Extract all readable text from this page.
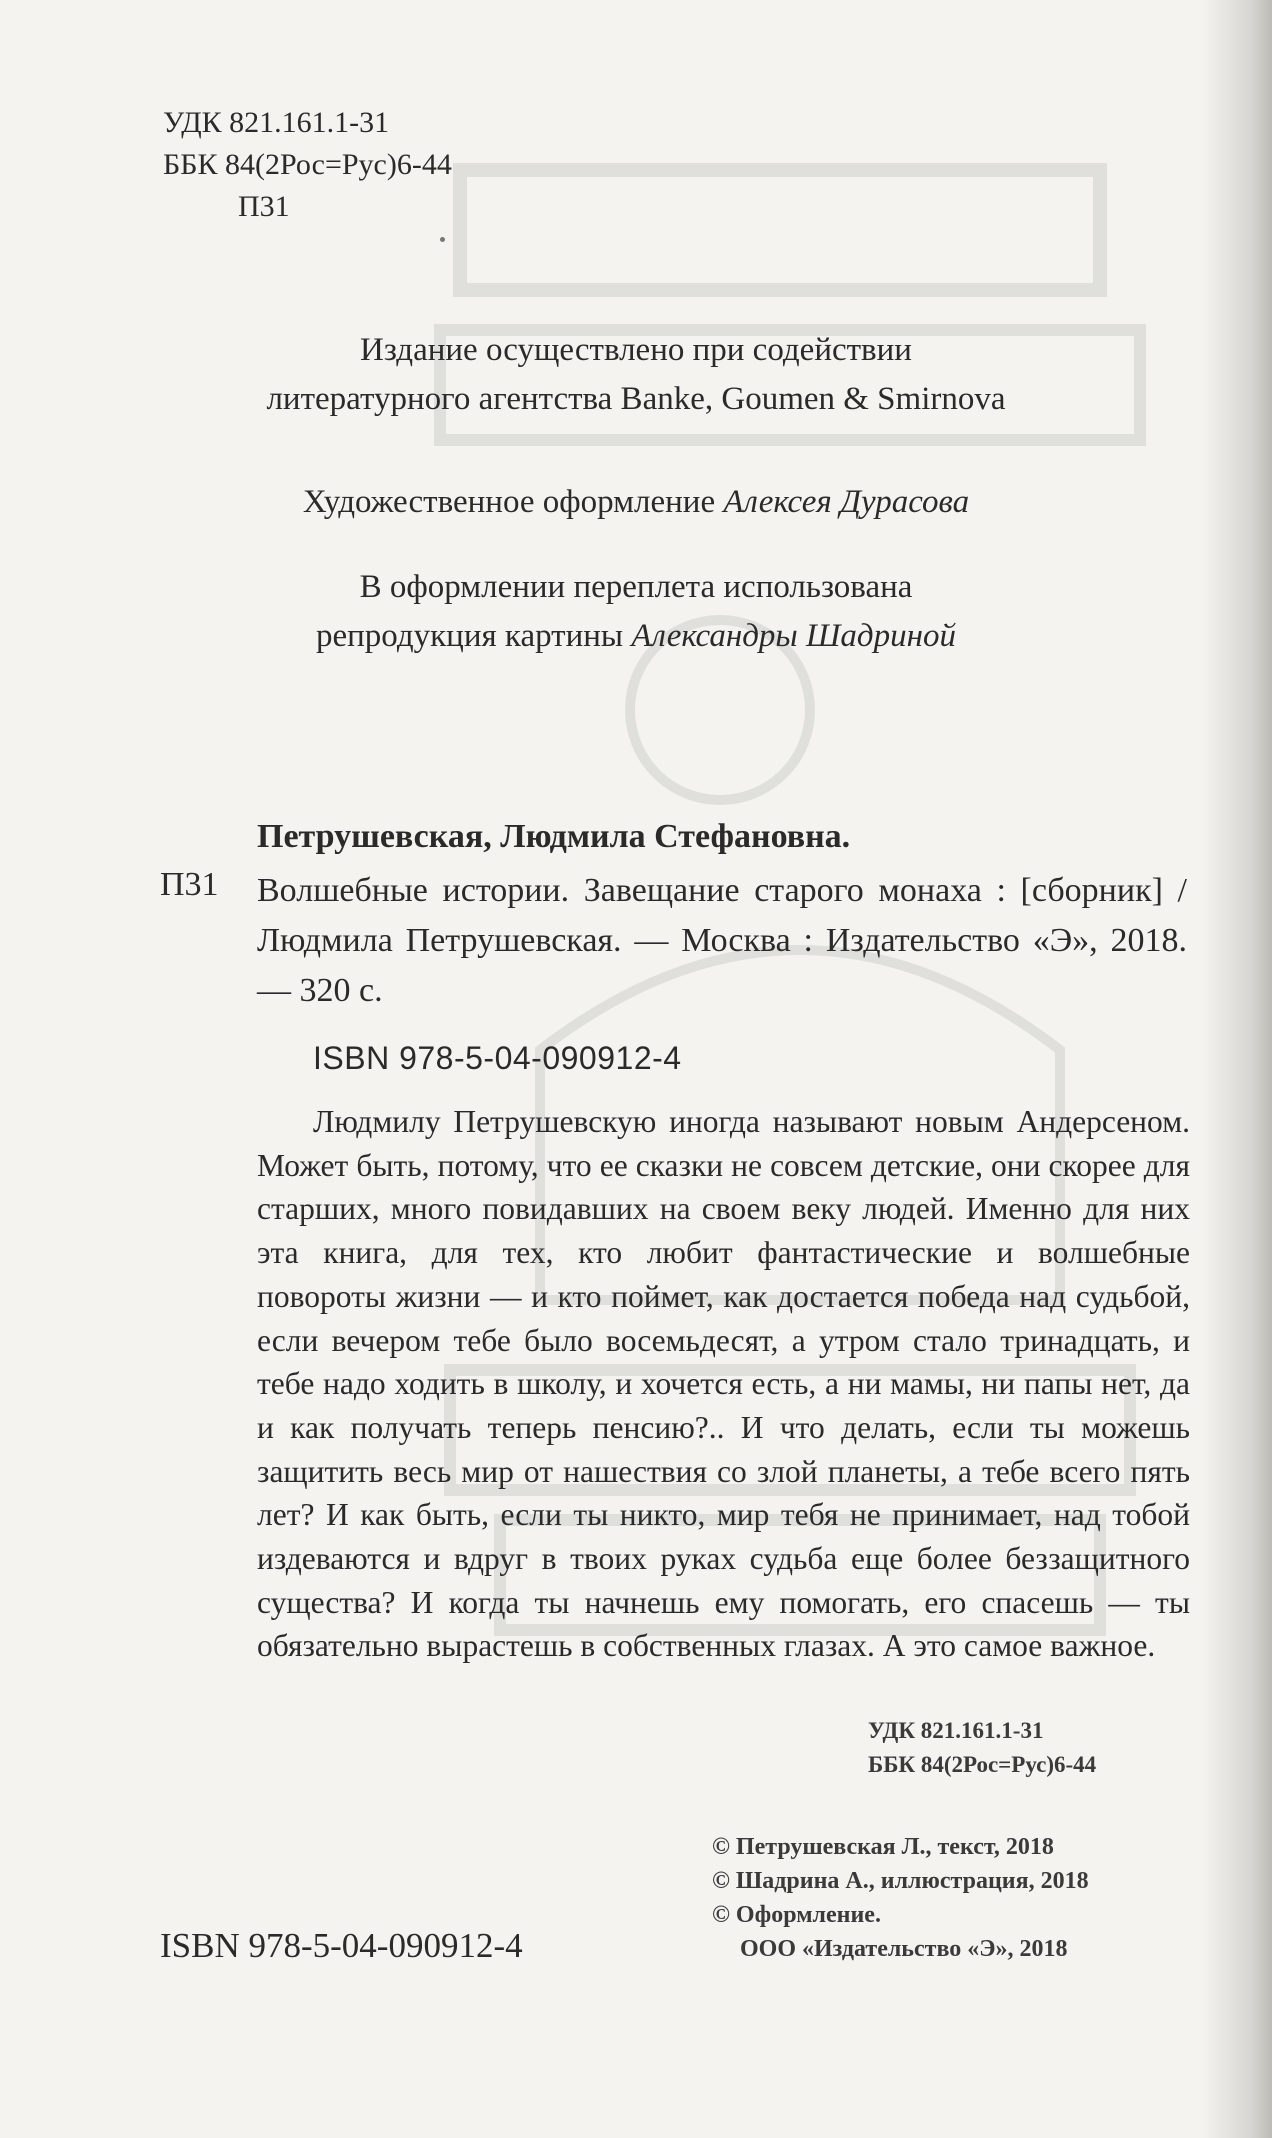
УДК 821.161.1-31
ББК 84(2Рос=Рус)6-44
П31
Издание осуществлено при содействии
литературного агентства Banke, Goumen & Smirnova
Художественное оформление Алексея Дурасова
В оформлении переплета использована
репродукция картины Александры Шадриной
Петрушевская, Людмила Стефановна.
П31 Волшебные истории. Завещание старого монаха : [сборник] / Людмила Петрушевская. — Москва : Издательство «Э», 2018. — 320 с.
ISBN 978-5-04-090912-4
Людмилу Петрушевскую иногда называют новым Андерсеном. Может быть, потому, что ее сказки не совсем детские, они скорее для старших, много повидавших на своем веку людей. Именно для них эта книга, для тех, кто любит фантастические и волшебные повороты жизни — и кто поймет, как достается победа над судьбой, если вечером тебе было восемьдесят, а утром стало тринадцать, и тебе надо ходить в школу, и хочется есть, а ни мамы, ни папы нет, да и как получать теперь пенсию?.. И что делать, если ты можешь защитить весь мир от нашествия со злой планеты, а тебе всего пять лет? И как быть, если ты никто, мир тебя не принимает, над тобой издеваются и вдруг в твоих руках судьба еще более беззащитного существа? И когда ты начнешь ему помогать, его спасешь — ты обязательно вырастешь в собственных глазах. А это самое важное.
УДК 821.161.1-31
ББК 84(2Рос=Рус)6-44
© Петрушевская Л., текст, 2018
© Шадрина А., иллюстрация, 2018
© Оформление.
ООО «Издательство «Э», 2018
ISBN 978-5-04-090912-4
